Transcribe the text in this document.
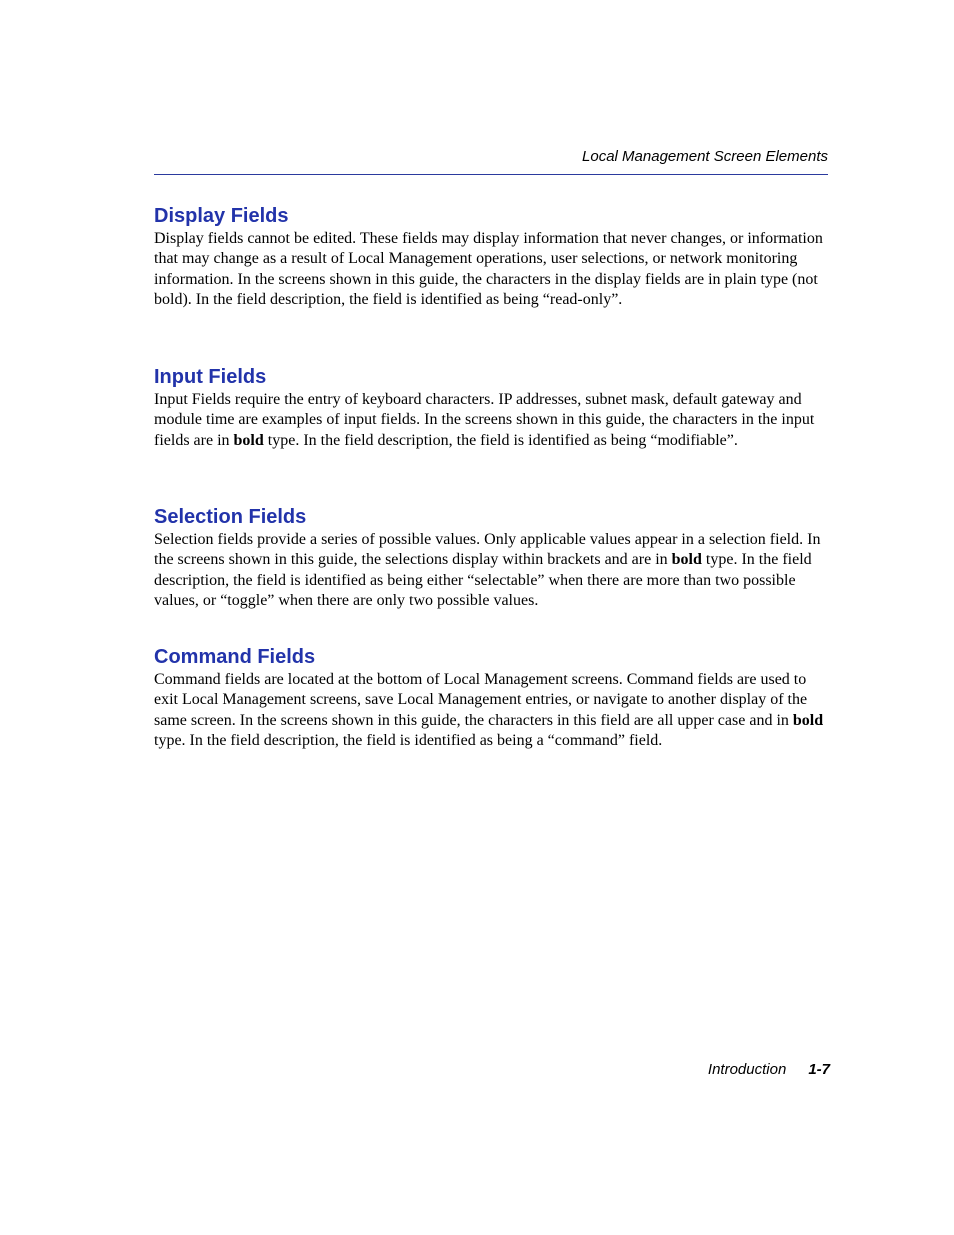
Local Management Screen Elements
Display Fields

Display fields cannot be edited. These fields may display information that never changes, or information that may change as a result of Local Management operations, user selections, or network monitoring information. In the screens shown in this guide, the characters in the display fields are in plain type (not bold). In the field description, the field is identified as being “read-only”.

Input Fields

Input Fields require the entry of keyboard characters. IP addresses, subnet mask, default gateway and module time are examples of input fields. In the screens shown in this guide, the characters in the input fields are in bold type. In the field description, the field is identified as being “modifiable”.

Selection Fields

Selection fields provide a series of possible values. Only applicable values appear in a selection field. In the screens shown in this guide, the selections display within brackets and are in bold type. In the field description, the field is identified as being either “selectable” when there are more than two possible values, or “toggle” when there are only two possible values.

Command Fields

Command fields are located at the bottom of Local Management screens. Command fields are used to exit Local Management screens, save Local Management entries, or navigate to another display of the same screen. In the screens shown in this guide, the characters in this field are all upper case and in bold type. In the field description, the field is identified as being a “command” field.

Introduction 1-7
